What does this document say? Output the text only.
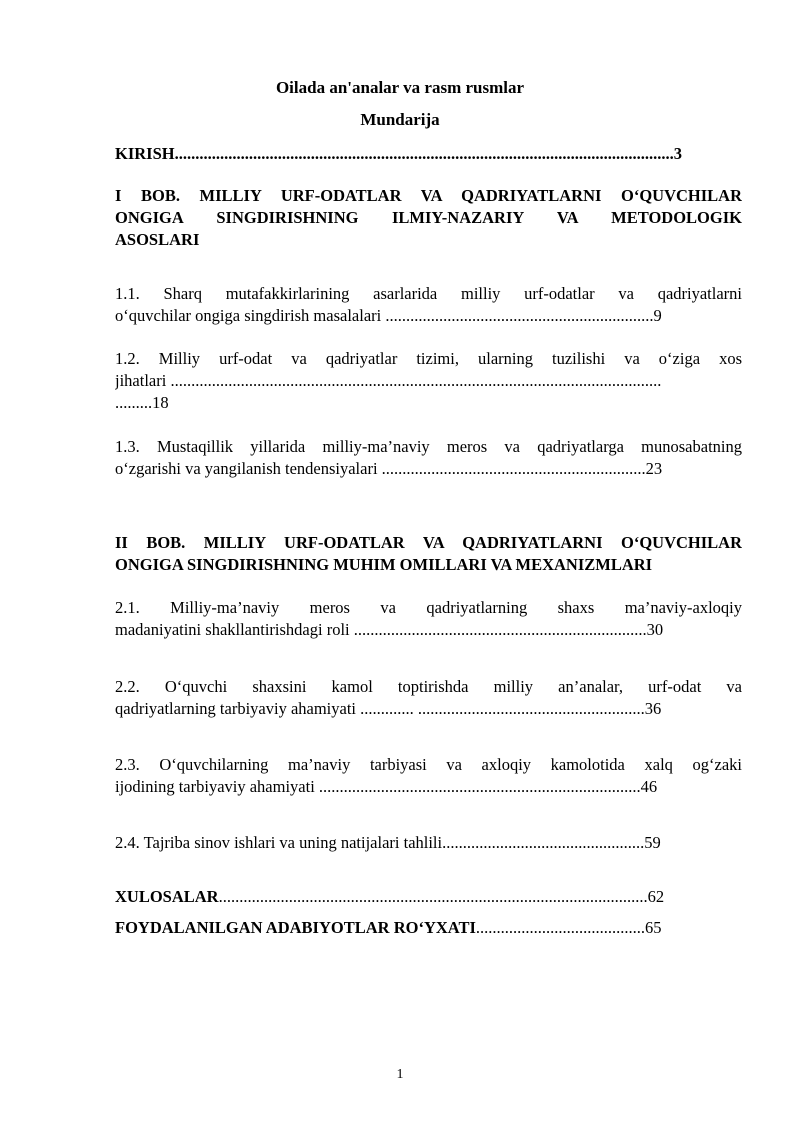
Oilada an'analar va rasm rusmlar
Mundarija
KIRISH.........................................................................................................................3
I BOB. MILLIY URF-ODATLAR VA QADRIYATLARNI O‘QUVCHILAR
ONGIGA SINGDIRISHNING ILMIY-NAZARIY VA METODOLOGIK
ASOSLARI
1.1. Sharq mutafakkirlarining asarlarida milliy urf-odatlar va qadriyatlarni
o‘quvchilar ongiga singdirish masalalari .................................................................9
1.2. Milliy urf-odat va qadriyatlar tizimi, ularning tuzilishi va o‘ziga xos
jihatlari .......................................................................................................................
.........18
1.3. Mustaqillik yillarida milliy-ma’naviy meros va qadriyatlarga munosabatning
o‘zgarishi va yangilanish tendensiyalari ................................................................23
II BOB. MILLIY URF-ODATLAR VA QADRIYATLARNI O‘QUVCHILAR
ONGIGA SINGDIRISHNING MUHIM OMILLARI VA MEXANIZMLARI
2.1. Milliy-ma’naviy meros va qadriyatlarning shaxs ma’naviy-axloqiy
madaniyatini shakllantirishdagi roli .......................................................................30
2.2. O‘quvchi shaxsini kamol toptirishda milliy an’analar, urf-odat va
qadriyatlarning tarbiyaviy ahamiyati ............. .......................................................36
2.3. O‘quvchilarning ma’naviy tarbiyasi va axloqiy kamolotida xalq og‘zaki
ijodining tarbiyaviy ahamiyati ..............................................................................46
2.4. Tajriba sinov ishlari va uning natijalari tahlili.................................................59
XULOSALAR........................................................................................................62
FOYDALANILGAN ADABIYOTLAR RO‘YXATI.........................................65
1
